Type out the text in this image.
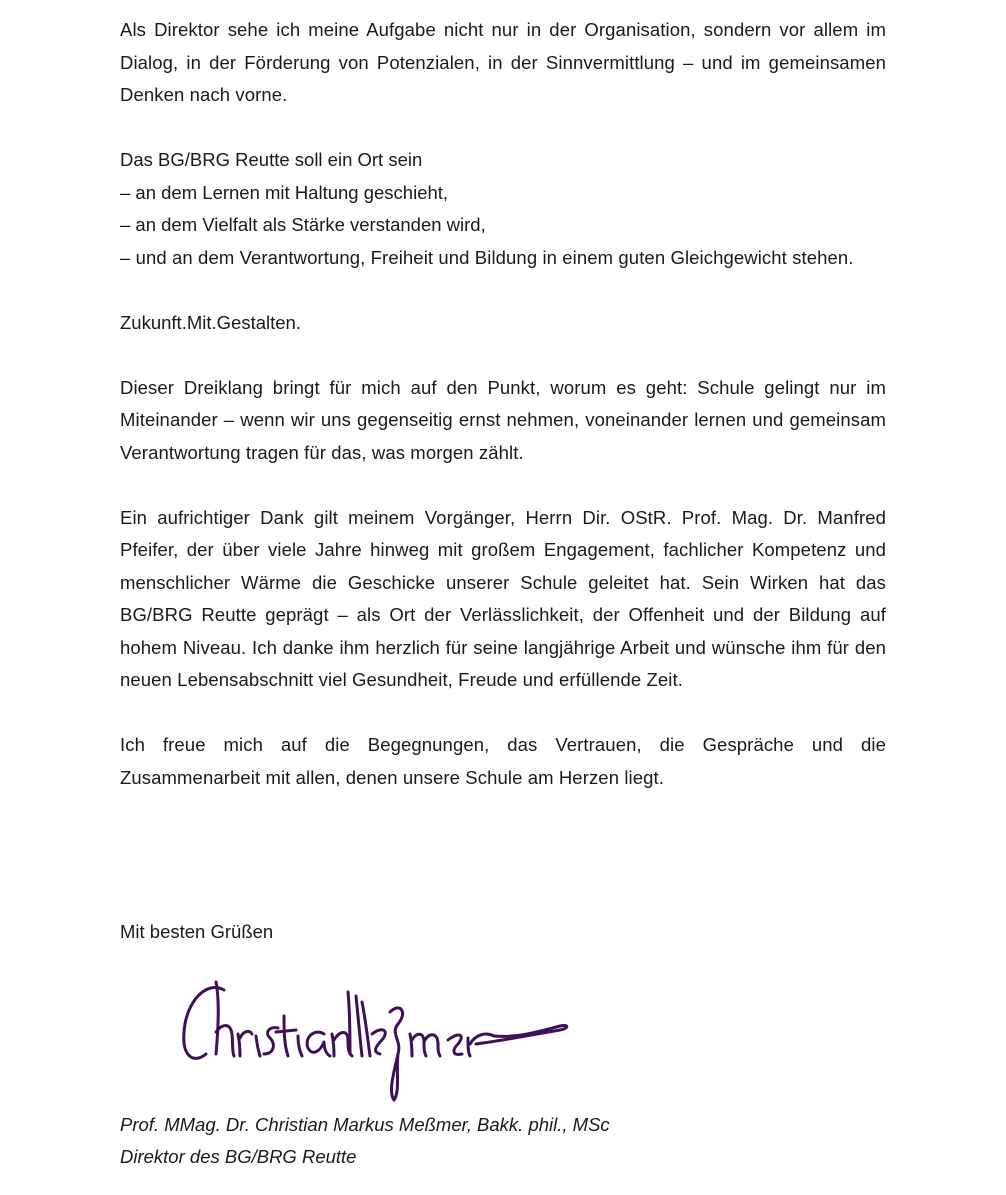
Als Direktor sehe ich meine Aufgabe nicht nur in der Organisation, sondern vor allem im Dialog, in der Förderung von Potenzialen, in der Sinnvermittlung – und im gemeinsamen Denken nach vorne.

Das BG/BRG Reutte soll ein Ort sein
– an dem Lernen mit Haltung geschieht,
– an dem Vielfalt als Stärke verstanden wird,

– und an dem Verantwortung, Freiheit und Bildung in einem guten Gleichgewicht stehen.

Zukunft.Mit.Gestalten.

Dieser Dreiklang bringt für mich auf den Punkt, worum es geht: Schule gelingt nur im Miteinander – wenn wir uns gegenseitig ernst nehmen, voneinander lernen und gemeinsam Verantwortung tragen für das, was morgen zählt.

Ein aufrichtiger Dank gilt meinem Vorgänger, Herrn Dir. OStR. Prof. Mag. Dr. Manfred Pfeifer, der über viele Jahre hinweg mit großem Engagement, fachlicher Kompetenz und menschlicher Wärme die Geschicke unserer Schule geleitet hat. Sein Wirken hat das BG/BRG Reutte geprägt – als Ort der Verlässlichkeit, der Offenheit und der Bildung auf hohem Niveau. Ich danke ihm herzlich für seine langjährige Arbeit und wünsche ihm für den neuen Lebensabschnitt viel Gesundheit, Freude und erfüllende Zeit.

Ich freue mich auf die Begegnungen, das Vertrauen, die Gespräche und die Zusammenarbeit mit allen, denen unsere Schule am Herzen liegt.

Mit besten Grüßen
Prof. MMag. Dr. Christian Markus Meßmer, Bakk. phil., MSc
Direktor des BG/BRG Reutte
